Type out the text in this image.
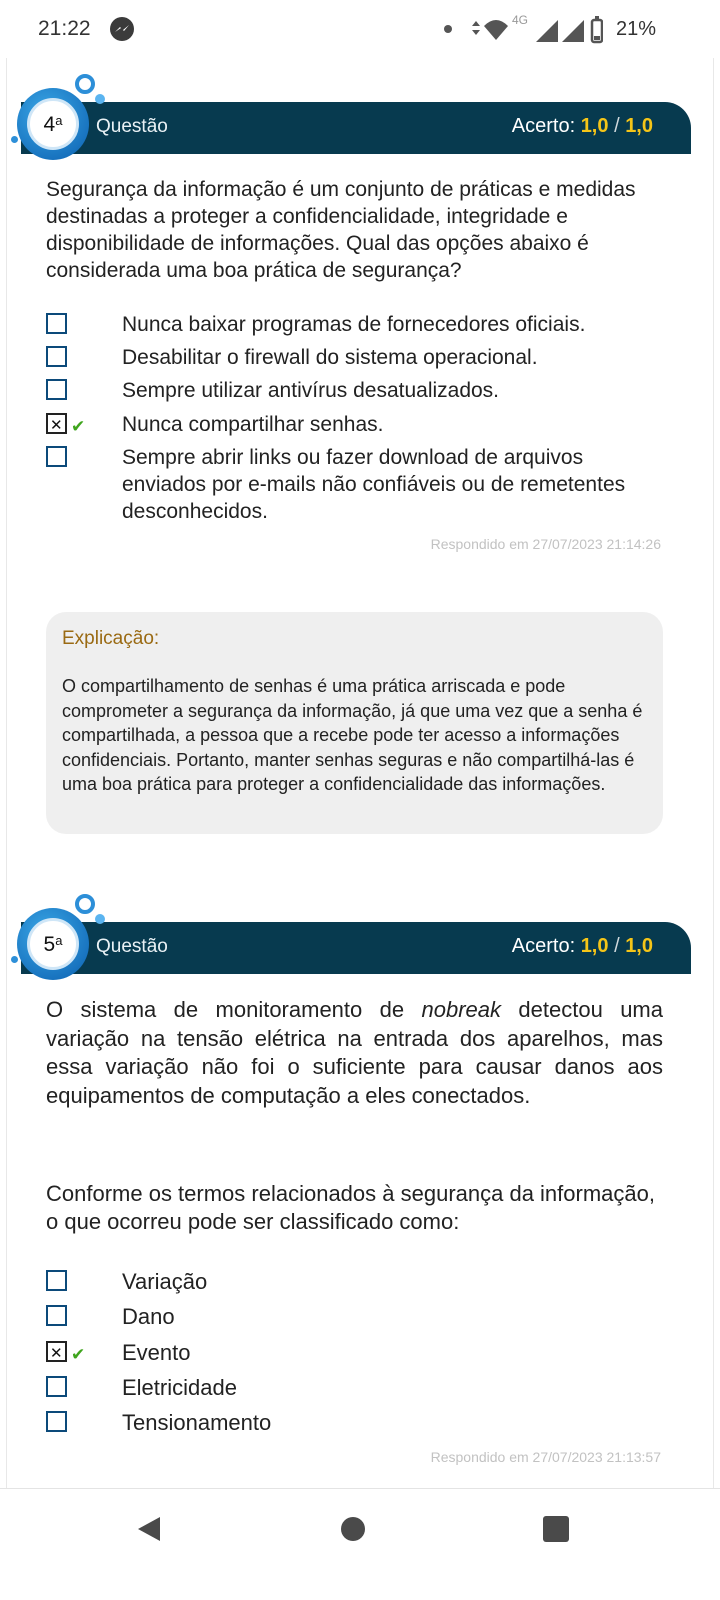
21:22	4G	21%
Questão	Acerto: 1,0 / 1,0
4$^a$
Segurança da informação é um conjunto de práticas e medidas destinadas a proteger a confidencialidade, integridade e disponibilidade de informações. Qual das opções abaixo é considerada uma boa prática de segurança?
Nunca baixar programas de fornecedores oficiais.
Desabilitar o firewall do sistema operacional.
Sempre utilizar antivírus desatualizados.
✕
✔ Nunca compartilhar senhas.
Sempre abrir links ou fazer download de arquivos enviados por e-mails não confiáveis ou de remetentes desconhecidos.
Respondido em 27/07/2023 21:14:26
Explicação:
O compartilhamento de senhas é uma prática arriscada e pode comprometer a segurança da informação, já que uma vez que a senha é compartilhada, a pessoa que a recebe pode ter acesso a informações confidenciais. Portanto, manter senhas seguras e não compartilhá-las é uma boa prática para proteger a confidencialidade das informações.
Questão	Acerto: 1,0 / 1,0
5$^a$
O sistema de monitoramento de nobreak detectou uma variação na tensão elétrica na entrada dos aparelhos, mas essa variação não foi o suficiente para causar danos aos equipamentos de computação a eles conectados.
Conforme os termos relacionados à segurança da informação, o que ocorreu pode ser classificado como:
Variação
Dano
✕
✔ Evento
Eletricidade
Tensionamento
Respondido em 27/07/2023 21:13:57
